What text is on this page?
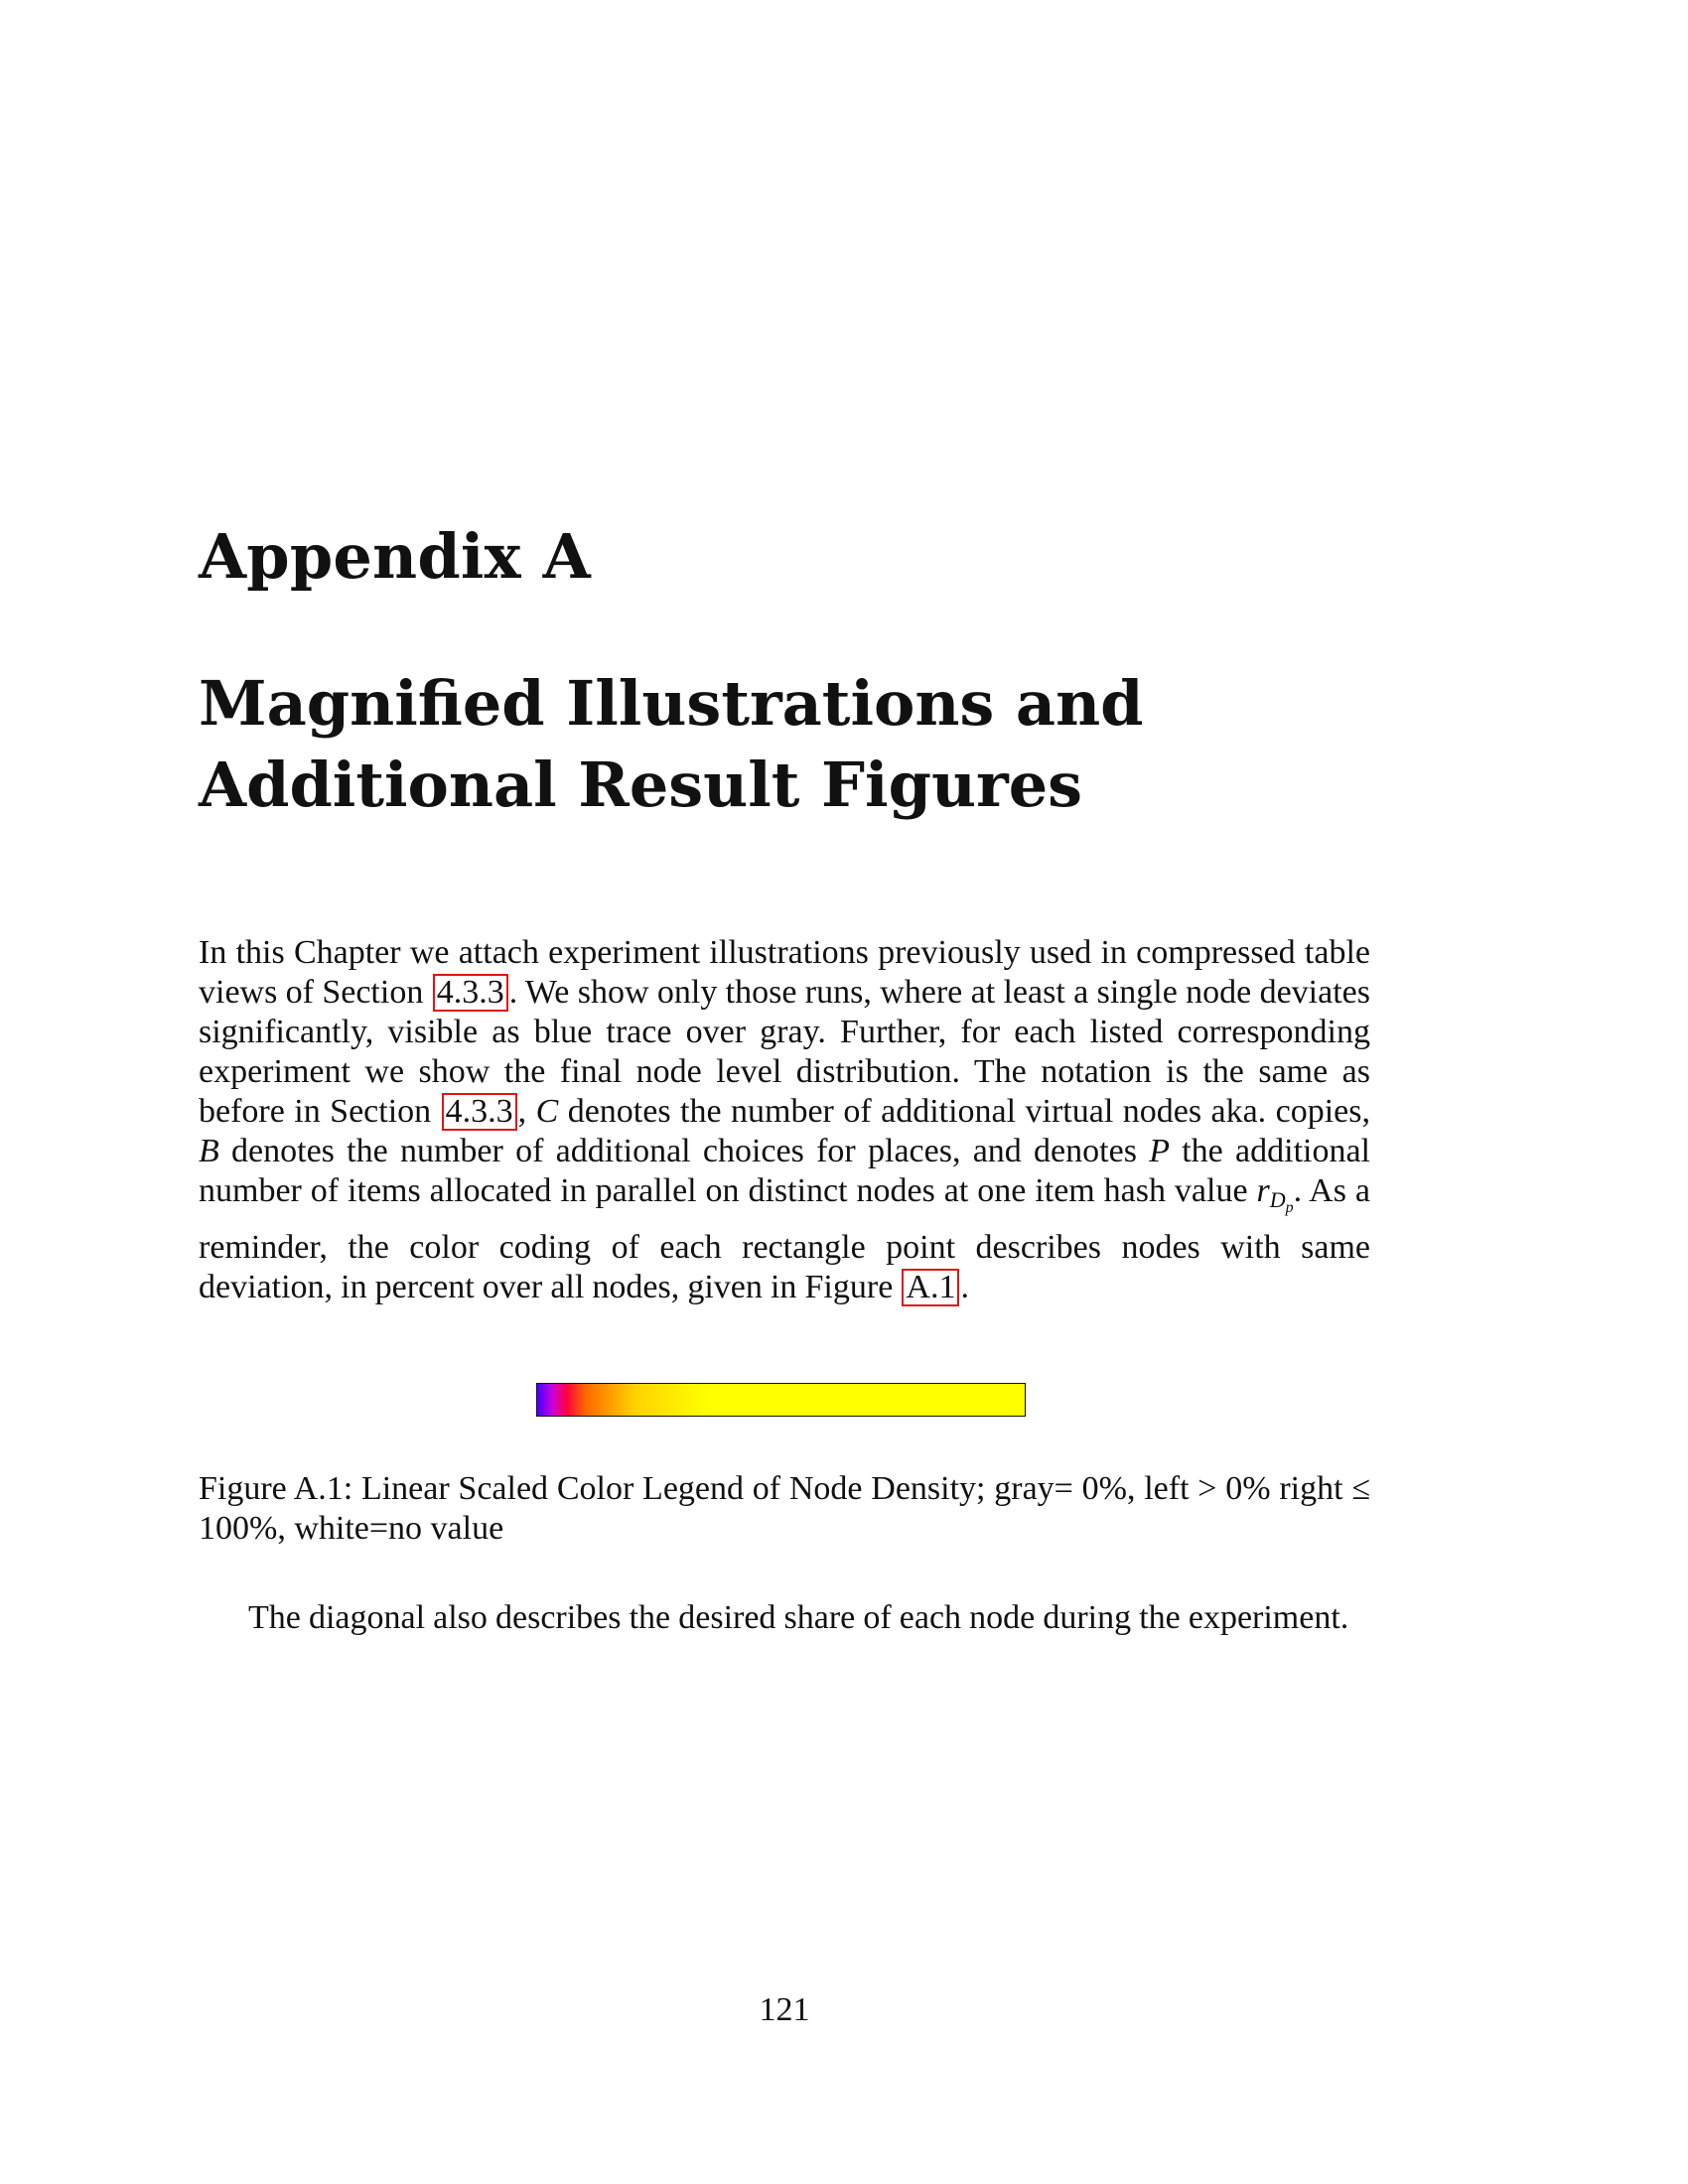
Appendix A
Magnified Illustrations and
Additional Result Figures

In this Chapter we attach experiment illustrations previously used in compressed table views of Section 4.3.3 . We show only those runs, where at least a single node deviates significantly, visible as blue trace over gray. Further, for each listed corresponding experiment we show the final node level distribution. The notation is the same as before in Section 4.3.3 , C denotes the number of additional virtual nodes aka. copies, B denotes the number of additional choices for places, and denotes P the additional number of items allocated in parallel on distinct nodes at one item hash value $r_{D_p}$. As a reminder, the color coding of each rectangle point describes nodes with same deviation, in percent over all nodes, given in Figure A.1 .

Figure A.1: Linear Scaled Color Legend of Node Density; gray= 0%, left > 0% right ≤ 100%, white=no value

The diagonal also describes the desired share of each node during the experiment.

121
